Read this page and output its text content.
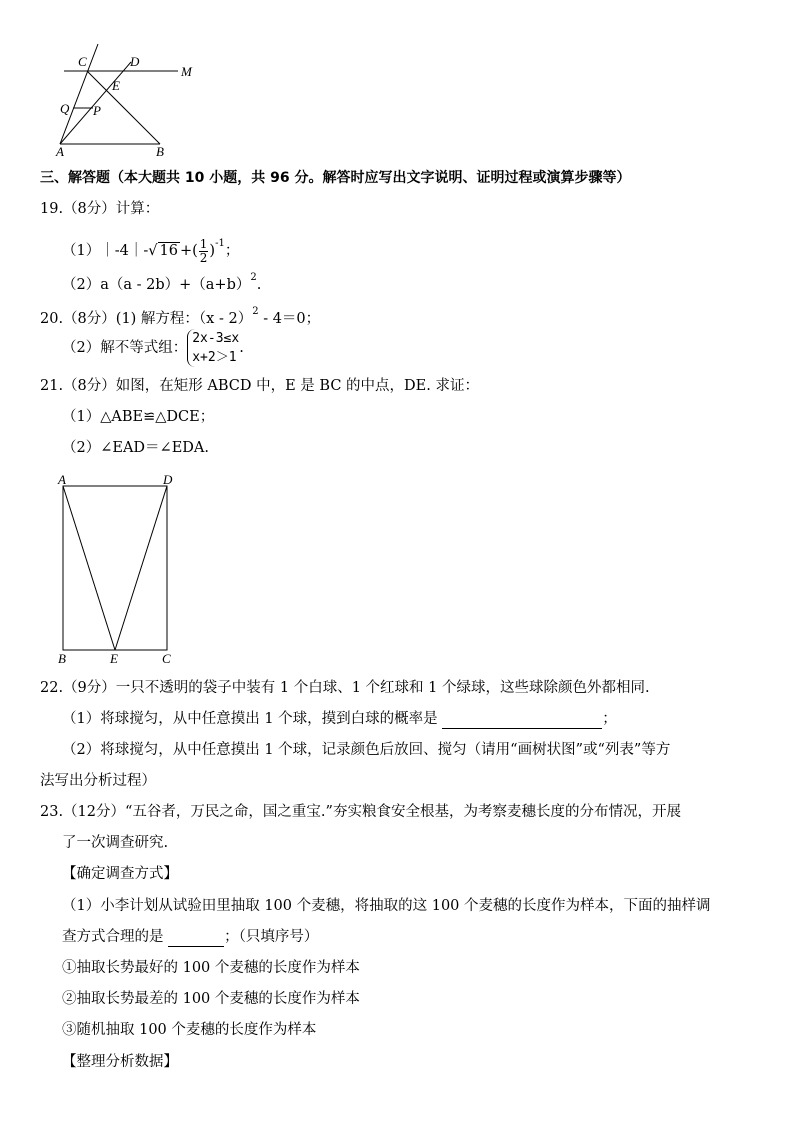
C	D
M
E
Q P
A	B
三、解答题（本大题共 10 小题，共 96 分。解答时应写出文字说明、证明过程或演算步骤等）
19.（8分）计算：
（1）｜-4｜-√ 16 +( $\frac{1}{2} )^{-1}$；
$(2)a(a - 2b)+(a+b)^2$.
20.（8分）(1) 解方程：（x - 2）$^2$ - 4＝0；
（2）解不等式组：
2x-3≤x
x+2＞1
.
21.（8分）如图，在矩形 ABCD 中，E 是 BC 的中点，DE. 求证：
（1）△ABE≌△DCE；
（2）∠EAD＝∠EDA.
A	D
B	E	C
22.（9分）一只不透明的袋子中装有 1 个白球、1 个红球和 1 个绿球，这些球除颜色外都相同.
（1）将球搅匀，从中任意摸出 1 个球，摸到白球的概率是	；
（2）将球搅匀，从中任意摸出 1 个球，记录颜色后放回、搅匀（请用“画树状图”或“列表”等方
法写出分析过程）
23.（12分）“五谷者，万民之命，国之重宝.”夯实粮食安全根基，为考察麦穗长度的分布情况，开展
了一次调查研究.
【确定调查方式】
（1）小李计划从试验田里抽取 100 个麦穗，将抽取的这 100 个麦穗的长度作为样本，下面的抽样调
查方式合理的是	；（只填序号）
①抽取长势最好的 100 个麦穗的长度作为样本
②抽取长势最差的 100 个麦穗的长度作为样本
③随机抽取 100 个麦穗的长度作为样本
【整理分析数据】
